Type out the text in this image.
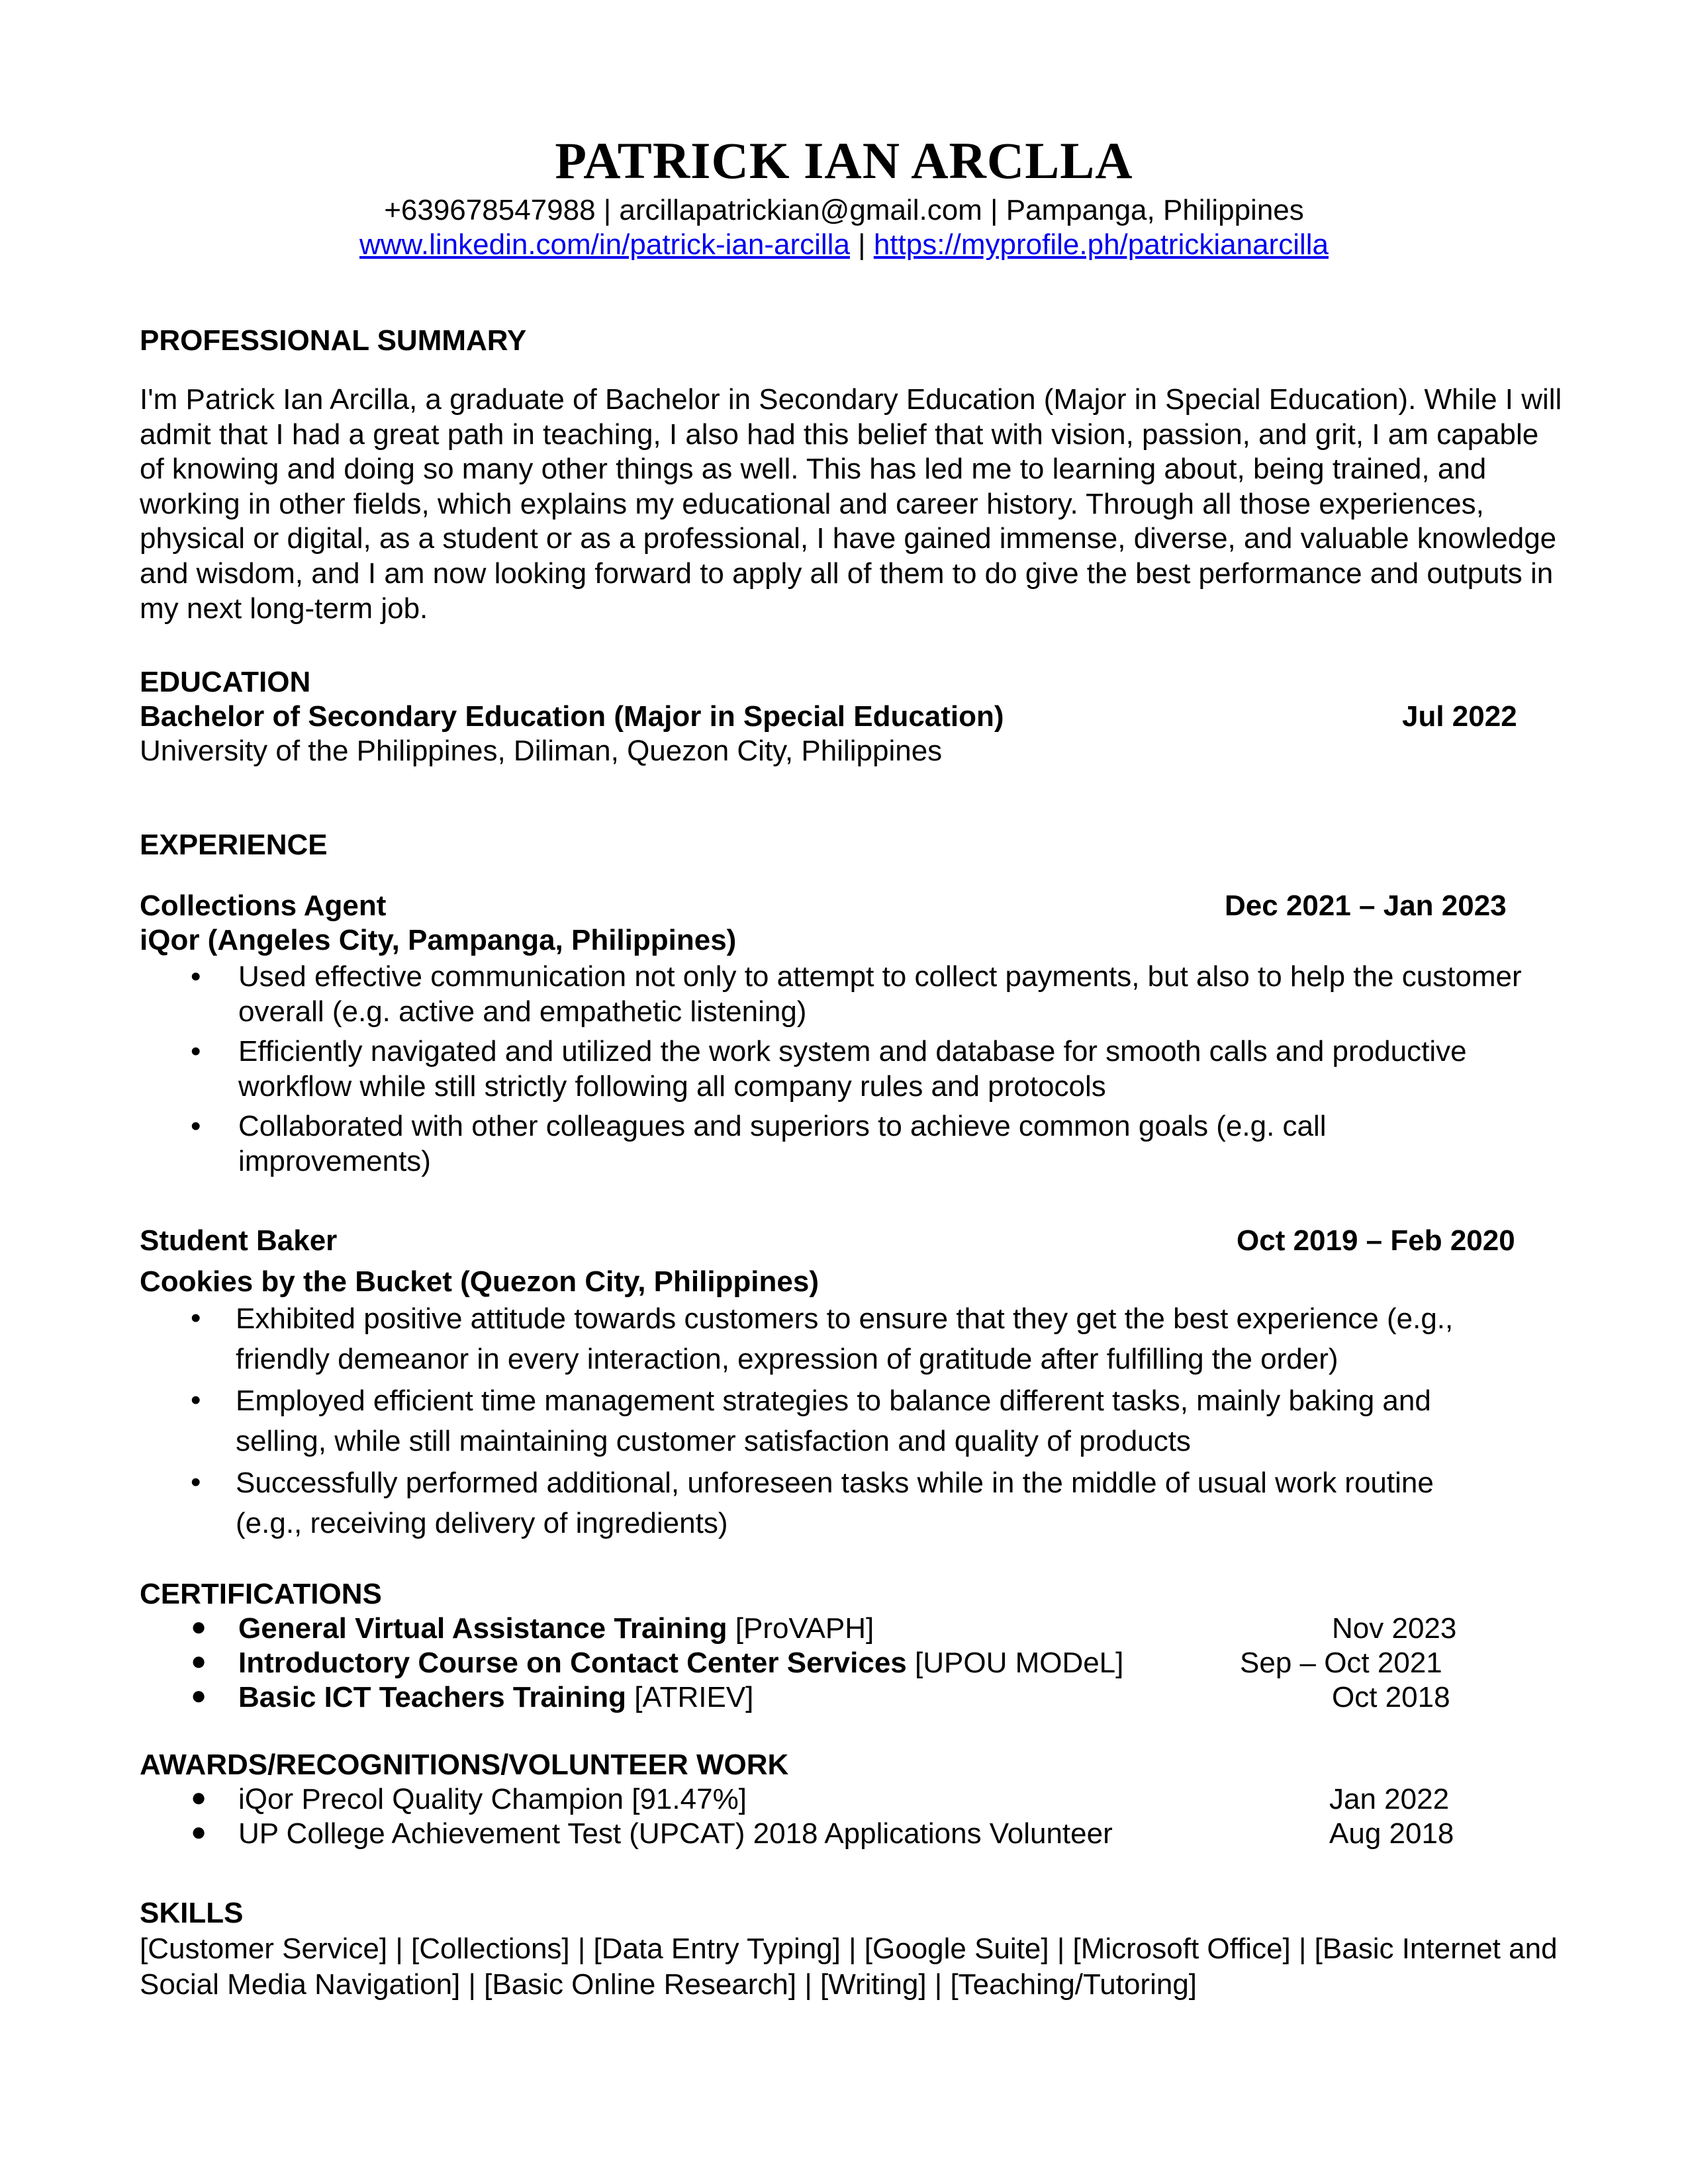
PATRICK IAN ARCLLA
+639678547988 | arcillapatrickian@gmail.com | Pampanga, Philippines
www.linkedin.com/in/patrick-ian-arcilla | https://myprofile.ph/patrickianarcilla
PROFESSIONAL SUMMARY
I'm Patrick Ian Arcilla, a graduate of Bachelor in Secondary Education (Major in Special Education). While I will admit that I had a great path in teaching, I also had this belief that with vision, passion, and grit, I am capable of knowing and doing so many other things as well. This has led me to learning about, being trained, and working in other fields, which explains my educational and career history. Through all those experiences, physical or digital, as a student or as a professional, I have gained immense, diverse, and valuable knowledge and wisdom, and I am now looking forward to apply all of them to do give the best performance and outputs in my next long-term job.
EDUCATION
Bachelor of Secondary Education (Major in Special Education)	Jul 2022
University of the Philippines, Diliman, Quezon City, Philippines
EXPERIENCE
Collections Agent	Dec 2021 – Jan 2023
iQor (Angeles City, Pampanga, Philippines)
• Used effective communication not only to attempt to collect payments, but also to help the customer overall (e.g. active and empathetic listening)
• Efficiently navigated and utilized the work system and database for smooth calls and productive workflow while still strictly following all company rules and protocols
• Collaborated with other colleagues and superiors to achieve common goals (e.g. call improvements)
Student Baker	Oct 2019 – Feb 2020
Cookies by the Bucket (Quezon City, Philippines)
• Exhibited positive attitude towards customers to ensure that they get the best experience (e.g., friendly demeanor in every interaction, expression of gratitude after fulfilling the order)
• Employed efficient time management strategies to balance different tasks, mainly baking and selling, while still maintaining customer satisfaction and quality of products
• Successfully performed additional, unforeseen tasks while in the middle of usual work routine (e.g., receiving delivery of ingredients)
CERTIFICATIONS
● General Virtual Assistance Training [ProVAPH]	Nov 2023
● Introductory Course on Contact Center Services [UPOU MODeL]	Sep – Oct 2021
● Basic ICT Teachers Training [ATRIEV]	Oct 2018
AWARDS/RECOGNITIONS/VOLUNTEER WORK
● iQor Precol Quality Champion [91.47%]	Jan 2022
● UP College Achievement Test (UPCAT) 2018 Applications Volunteer	Aug 2018
SKILLS
[Customer Service] | [Collections] | [Data Entry Typing] | [Google Suite] | [Microsoft Office] | [Basic Internet and Social Media Navigation] | [Basic Online Research] | [Writing] | [Teaching/Tutoring]
